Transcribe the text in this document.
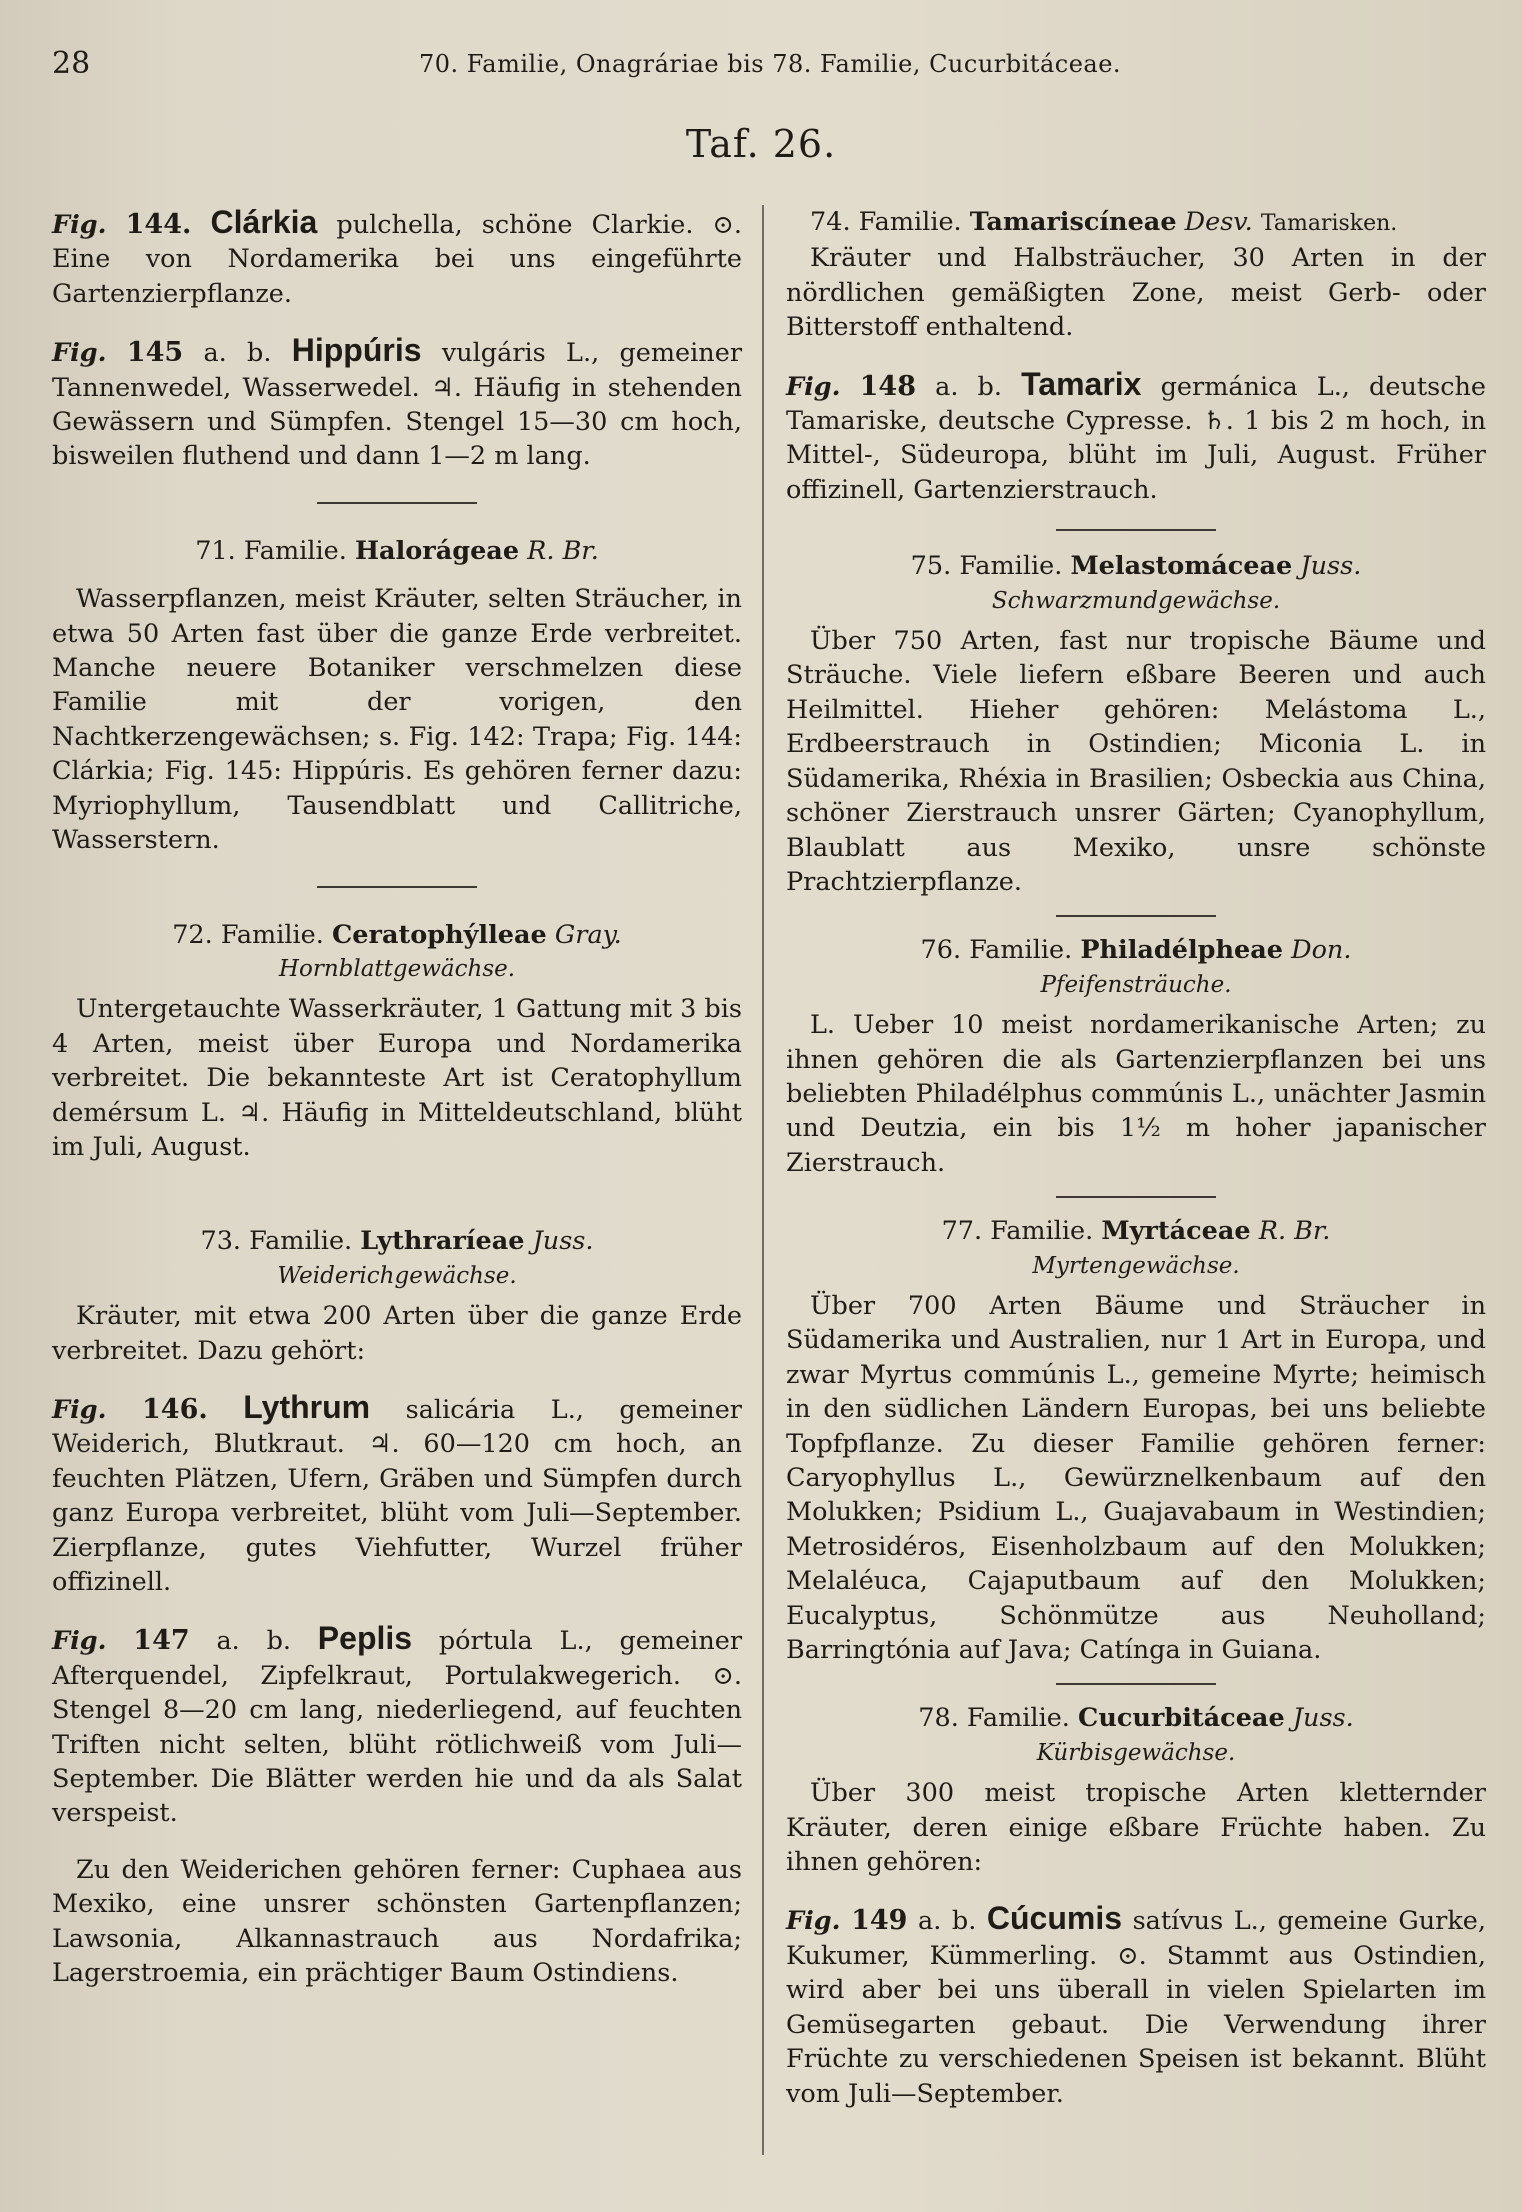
28	70. Familie, Onagráriae bis 78. Familie, Cucurbitáceae.
Taf. 26.

Fig. 144. Clárkia pulchella, schöne Clarkie. ⊙. Eine von Nordamerika bei uns eingeführte Gartenzierpflanze.

Fig. 145 a. b. Hippúris vulgáris L., gemeiner Tannenwedel, Wasserwedel. ♃. Häufig in stehenden Gewässern und Sümpfen. Stengel 15—30 cm hoch, bisweilen fluthend und dann 1—2 m lang.

71. Familie. Halorágeae R. Br.

Wasserpflanzen, meist Kräuter, selten Sträucher, in etwa 50 Arten fast über die ganze Erde verbreitet. Manche neuere Botaniker verschmelzen diese Familie mit der vorigen, den Nachtkerzengewächsen; s. Fig. 142: Trapa; Fig. 144: Clárkia; Fig. 145: Hippúris. Es gehören ferner dazu: Myriophyllum, Tausendblatt und Callitriche, Wasserstern.

72. Familie. Ceratophýlleae Gray.

Hornblattgewächse.

Untergetauchte Wasserkräuter, 1 Gattung mit 3 bis 4 Arten, meist über Europa und Nordamerika verbreitet. Die bekannteste Art ist Ceratophyllum demérsum L. ♃. Häufig in Mitteldeutschland, blüht im Juli, August.

73. Familie. Lythraríeae Juss.

Weiderichgewächse.

Kräuter, mit etwa 200 Arten über die ganze Erde verbreitet. Dazu gehört:

Fig. 146. Lythrum salicária L., gemeiner Weiderich, Blutkraut. ♃. 60—120 cm hoch, an feuchten Plätzen, Ufern, Gräben und Sümpfen durch ganz Europa verbreitet, blüht vom Juli—September. Zierpflanze, gutes Viehfutter, Wurzel früher offizinell.

Fig. 147 a. b. Peplis pórtula L., gemeiner Afterquendel, Zipfelkraut, Portulakwegerich. ⊙. Stengel 8—20 cm lang, niederliegend, auf feuchten Triften nicht selten, blüht rötlichweiß vom Juli—September. Die Blätter werden hie und da als Salat verspeist.

Zu den Weiderichen gehören ferner: Cuphaea aus Mexiko, eine unsrer schönsten Gartenpflanzen; Lawsonia, Alkannastrauch aus Nordafrika; Lagerstroemia, ein prächtiger Baum Ostindiens.

74. Familie. Tamariscíneae Desv. Tamarisken.

Kräuter und Halbsträucher, 30 Arten in der nördlichen gemäßigten Zone, meist Gerb- oder Bitterstoff enthaltend.

Fig. 148 a. b. Tamarix germánica L., deutsche Tamariske, deutsche Cypresse. ♄. 1 bis 2 m hoch, in Mittel-, Südeuropa, blüht im Juli, August. Früher offizinell, Gartenzierstrauch.

75. Familie. Melastomáceae Juss.

Schwarzmundgewächse.

Über 750 Arten, fast nur tropische Bäume und Sträuche. Viele liefern eßbare Beeren und auch Heilmittel. Hieher gehören: Melástoma L., Erdbeerstrauch in Ostindien; Miconia L. in Südamerika, Rhéxia in Brasilien; Osbeckia aus China, schöner Zierstrauch unsrer Gärten; Cyanophyllum, Blaublatt aus Mexiko, unsre schönste Prachtzierpflanze.

76. Familie. Philadélpheae Don.

Pfeifensträuche.

L. Ueber 10 meist nordamerikanische Arten; zu ihnen gehören die als Gartenzierpflanzen bei uns beliebten Philadélphus commúnis L., unächter Jasmin und Deutzia, ein bis 1½ m hoher japanischer Zierstrauch.

77. Familie. Myrtáceae R. Br.

Myrtengewächse.

Über 700 Arten Bäume und Sträucher in Südamerika und Australien, nur 1 Art in Europa, und zwar Myrtus commúnis L., gemeine Myrte; heimisch in den südlichen Ländern Europas, bei uns beliebte Topfpflanze. Zu dieser Familie gehören ferner: Caryophyllus L., Gewürznelkenbaum auf den Molukken; Psidium L., Guajavabaum in Westindien; Metrosidéros, Eisenholzbaum auf den Molukken; Melaléuca, Cajaputbaum auf den Molukken; Eucalyptus, Schönmütze aus Neuholland; Barringtónia auf Java; Catínga in Guiana.

78. Familie. Cucurbitáceae Juss.

Kürbisgewächse.

Über 300 meist tropische Arten kletternder Kräuter, deren einige eßbare Früchte haben. Zu ihnen gehören:

Fig. 149 a. b. Cúcumis satívus L., gemeine Gurke, Kukumer, Kümmerling. ⊙. Stammt aus Ostindien, wird aber bei uns überall in vielen Spielarten im Gemüsegarten gebaut. Die Verwendung ihrer Früchte zu verschiedenen Speisen ist bekannt. Blüht vom Juli—September.
